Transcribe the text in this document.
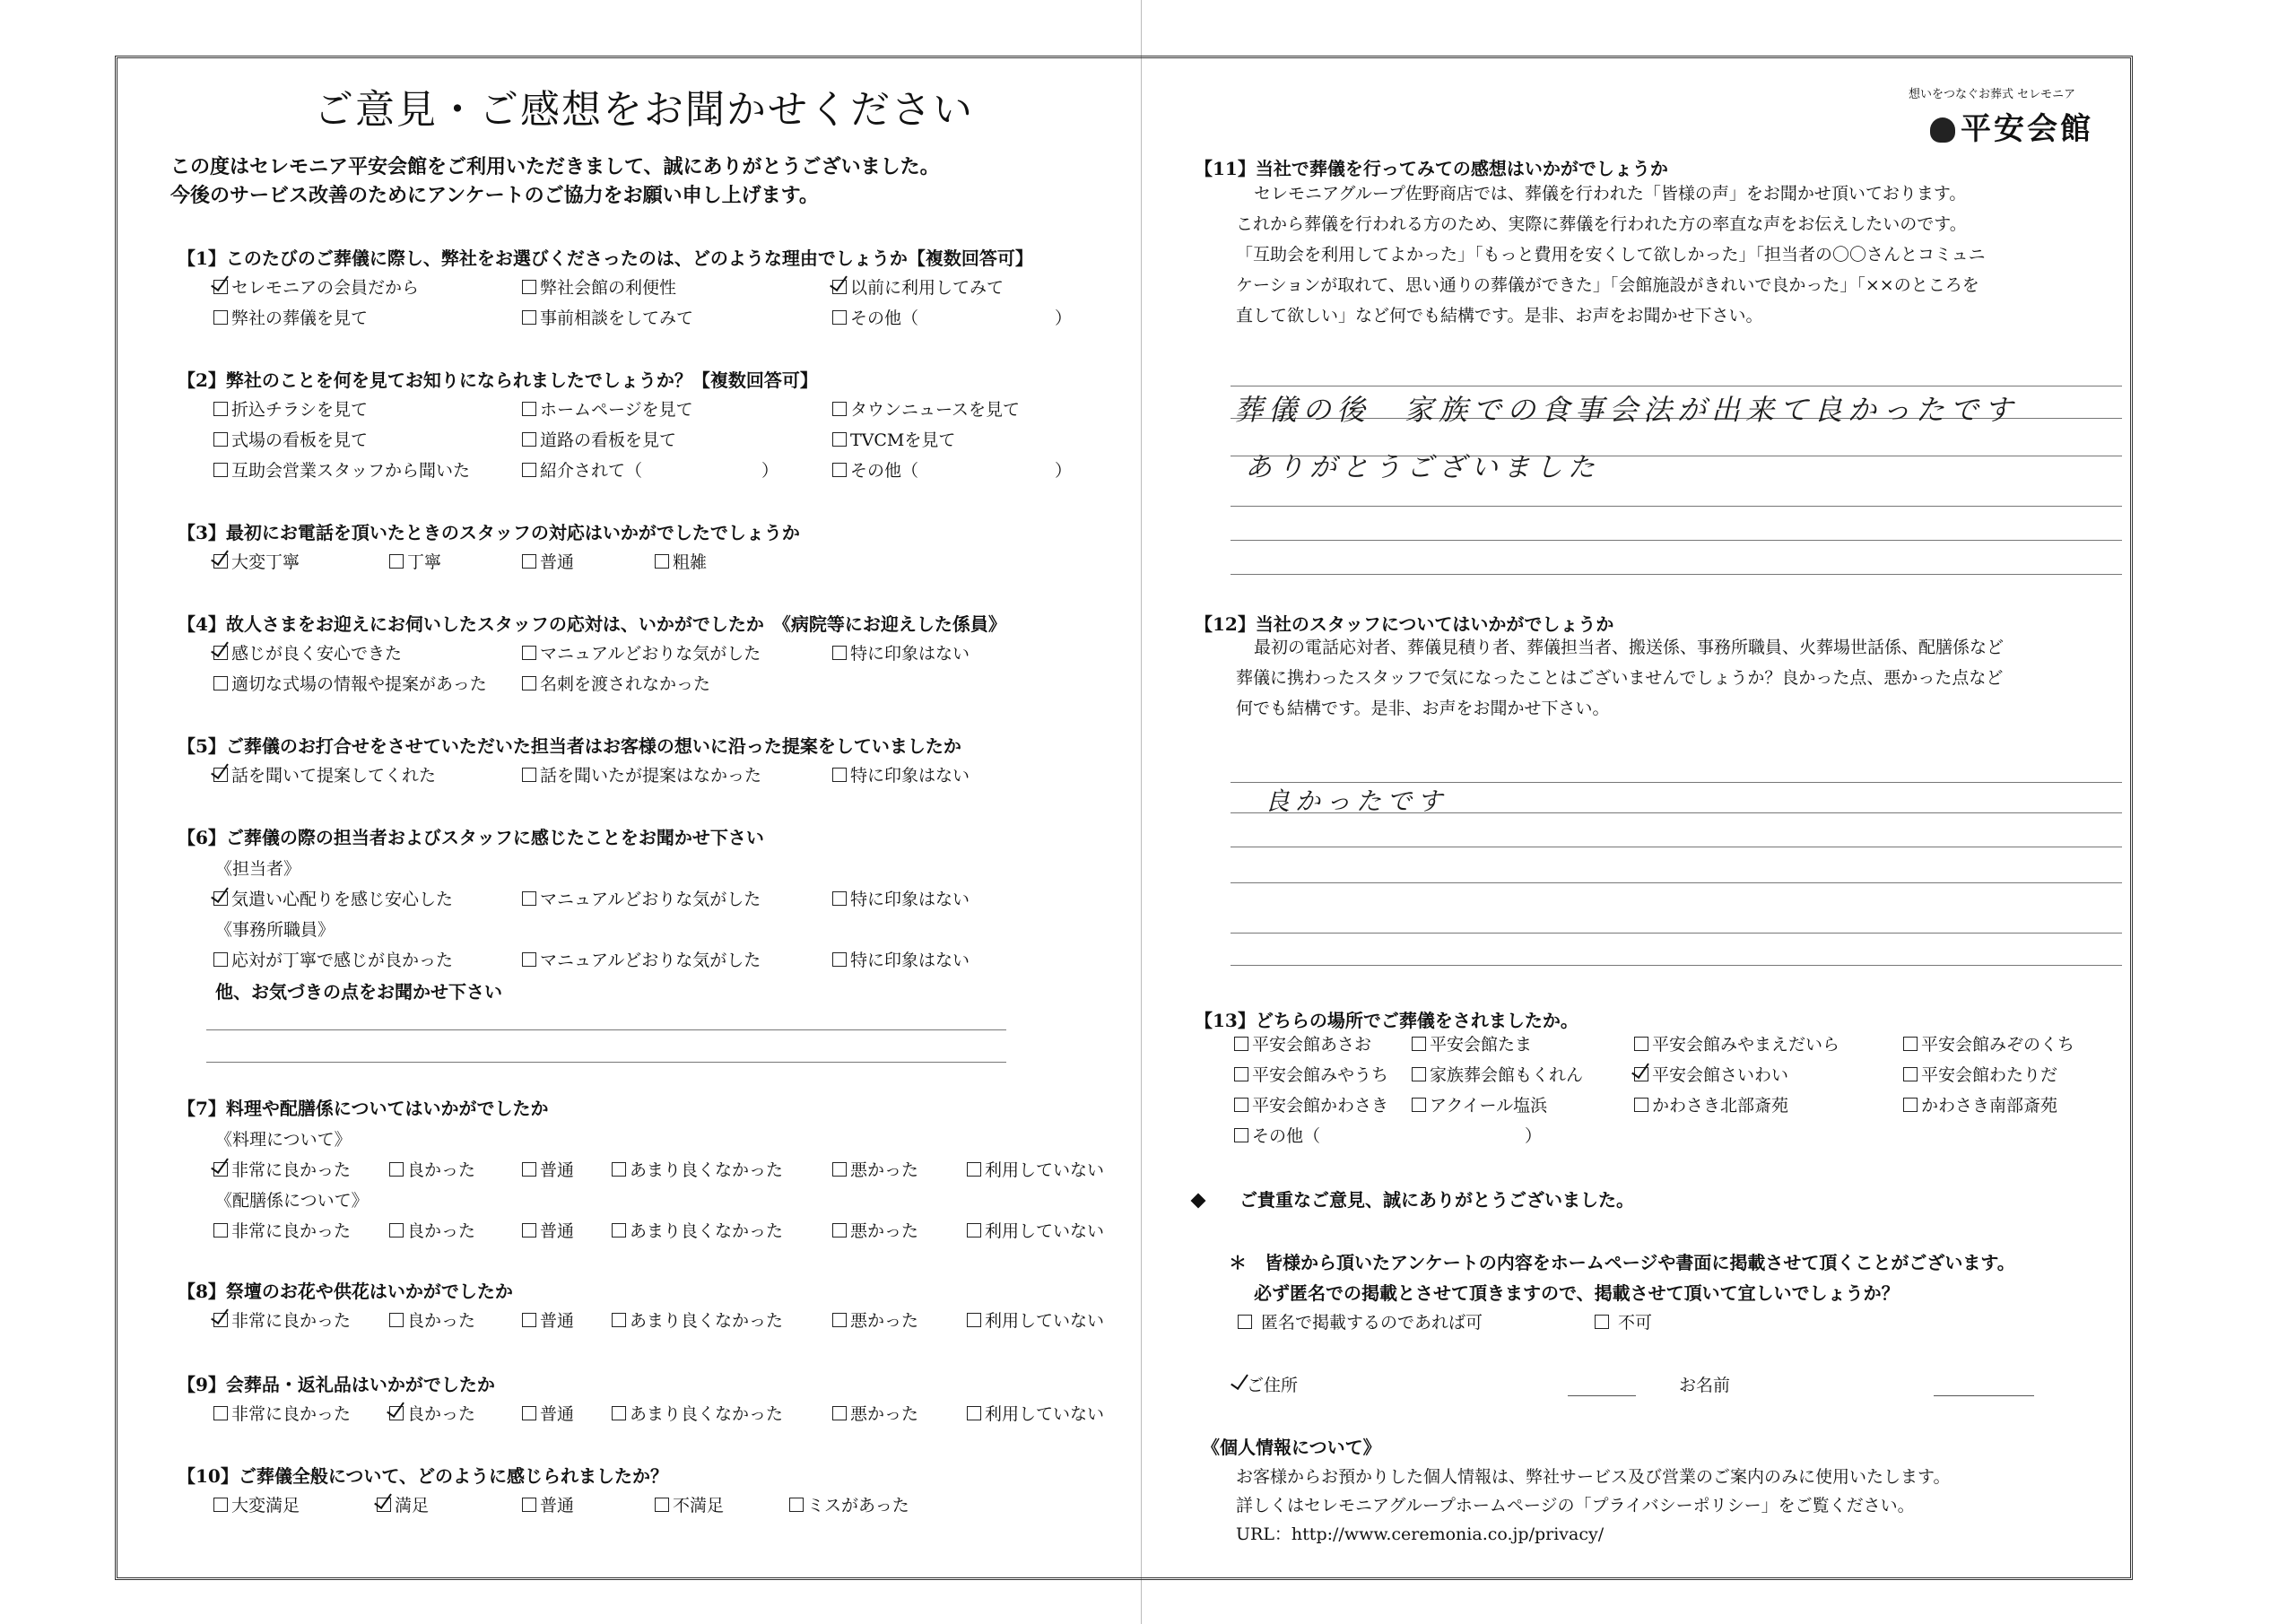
ご意見・ご感想をお聞かせください
この度はセレモニア平安会館をご利用いただきまして、誠にありがとうございました。
今後のサービス改善のためにアンケートのご協力をお願い申し上げます。
【1】このたびのご葬儀に際し、弊社をお選びくださったのは、どのような理由でしょうか【複数回答可】
セレモニアの会員だから	弊社会館の利便性	以前に利用してみて
弊社の葬儀を見て	事前相談をしてみて	その他（　　　　　　　　）
【2】弊社のことを何を見てお知りになられましたでしょうか？【複数回答可】
折込チラシを見て	ホームページを見て	タウンニュースを見て
式場の看板を見て	道路の看板を見て	TVCMを見て
互助会営業スタッフから聞いた	紹介されて（　　　　　　　）	その他（　　　　　　　　）
【3】最初にお電話を頂いたときのスタッフの対応はいかがでしたでしょうか
大変丁寧	丁寧	普通	粗雑
【4】故人さまをお迎えにお伺いしたスタッフの応対は、いかがでしたか　《病院等にお迎えした係員》
感じが良く安心できた	マニュアルどおりな気がした	特に印象はない
適切な式場の情報や提案があった	名刺を渡されなかった
【5】ご葬儀のお打合せをさせていただいた担当者はお客様の想いに沿った提案をしていましたか
話を聞いて提案してくれた	話を聞いたが提案はなかった	特に印象はない
【6】ご葬儀の際の担当者およびスタッフに感じたことをお聞かせ下さい
《担当者》
気遣い心配りを感じ安心した	マニュアルどおりな気がした	特に印象はない
《事務所職員》
応対が丁寧で感じが良かった	マニュアルどおりな気がした	特に印象はない
他、お気づきの点をお聞かせ下さい
【7】料理や配膳係についてはいかがでしたか
《料理について》
非常に良かった	良かった	普通	あまり良くなかった	悪かった	利用していない
《配膳係について》
非常に良かった	良かった	普通	あまり良くなかった	悪かった	利用していない
【8】祭壇のお花や供花はいかがでしたか
非常に良かった	良かった	普通	あまり良くなかった	悪かった	利用していない
【9】会葬品・返礼品はいかがでしたか
非常に良かった	良かった	普通	あまり良くなかった	悪かった	利用していない
【10】ご葬儀全般について、どのように感じられましたか？
大変満足	満足	普通	不満足	ミスがあった
想いをつなぐお葬式 セレモニア
平安会館
【11】当社で葬儀を行ってみての感想はいかがでしょうか
セレモニアグループ佐野商店では、葬儀を行われた「皆様の声」をお聞かせ頂いております。
これから葬儀を行われる方のため、実際に葬儀を行われた方の率直な声をお伝えしたいのです。
「互助会を利用してよかった」「もっと費用を安くして欲しかった」「担当者の〇〇さんとコミュニ
ケーションが取れて、思い通りの葬儀ができた」「会館施設がきれいで良かった」「××のところを
直して欲しい」など何でも結構です。是非、お声をお聞かせ下さい。
葬儀の後　家族での食事会法が出来て良かったです
ありがとうございました
【12】当社のスタッフについてはいかがでしょうか
最初の電話応対者、葬儀見積り者、葬儀担当者、搬送係、事務所職員、火葬場世話係、配膳係など
葬儀に携わったスタッフで気になったことはございませんでしょうか？良かった点、悪かった点など
何でも結構です。是非、お声をお聞かせ下さい。
良かったです
【13】どちらの場所でご葬儀をされましたか。
平安会館あさお	平安会館たま	平安会館みやまえだいら	平安会館みぞのくち
平安会館みやうち	家族葬会館もくれん	平安会館さいわい	平安会館わたりだ
平安会館かわさき	アクイール塩浜	かわさき北部斎苑	かわさき南部斎苑
その他（　　　　　　　　　　　　）
ご貴重なご意見、誠にありがとうございました。
＊　皆様から頂いたアンケートの内容をホームページや書面に掲載させて頂くことがございます。
必ず匿名での掲載とさせて頂きますので、掲載させて頂いて宜しいでしょうか？
匿名で掲載するのであれば可	不可
ご住所	お名前
《個人情報について》
お客様からお預かりした個人情報は、弊社サービス及び営業のご案内のみに使用いたします。
詳しくはセレモニアグループホームページの「プライバシーポリシー」をご覧ください。
URL：http://www.ceremonia.co.jp/privacy/
